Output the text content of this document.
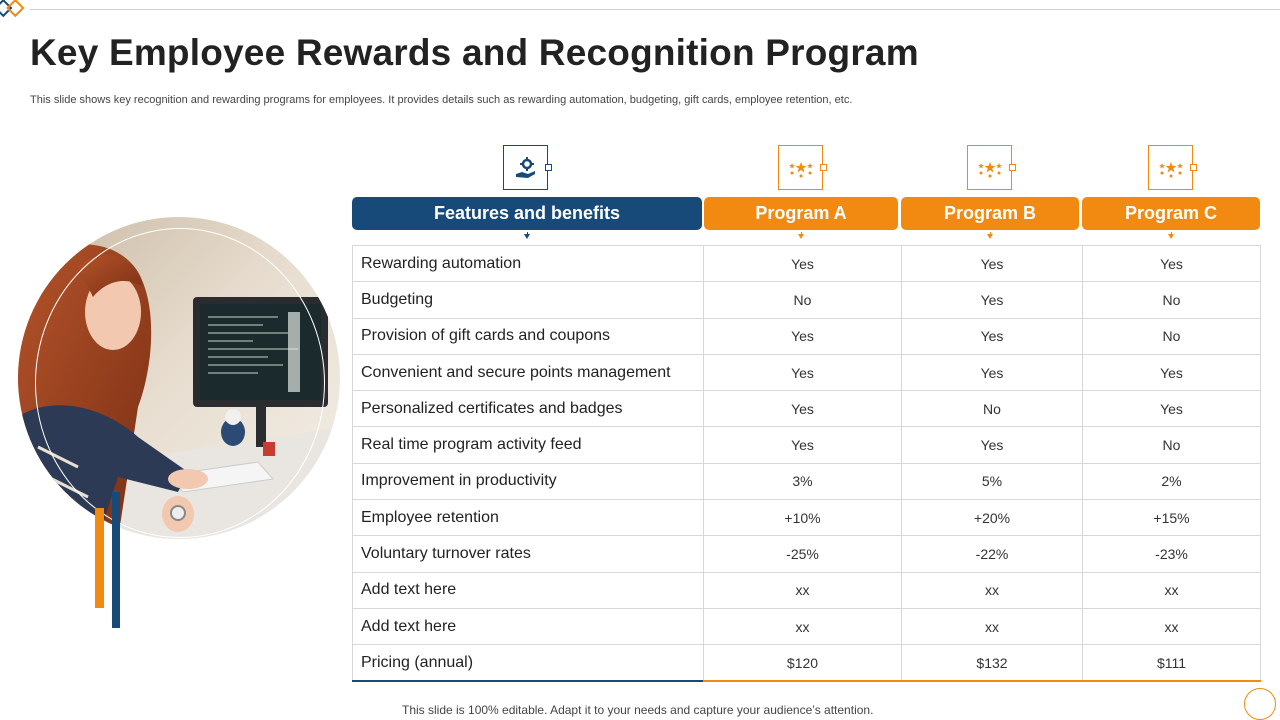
Key Employee Rewards and Recognition Program

This slide shows key recognition and rewarding programs for employees. It provides details such as rewarding automation, budgeting, gift cards, employee retention, etc.

Features and benefits	Program A	Program B	Program C
Rewarding automation	Yes	Yes	Yes
Budgeting	No	Yes	No
Provision of gift cards and coupons	Yes	Yes	No
Convenient and secure points management	Yes	Yes	Yes
Personalized certificates and badges	Yes	No	Yes
Real time program activity feed	Yes	Yes	No
Improvement in productivity	3%	5%	2%
Employee retention	+10%	+20%	+15%
Voluntary turnover rates	-25%	-22%	-23%
Add text here	xx	xx	xx
Add text here	xx	xx	xx
Pricing (annual)	$120	$132	$111

This slide is 100% editable. Adapt it to your needs and capture your audience’s attention.
